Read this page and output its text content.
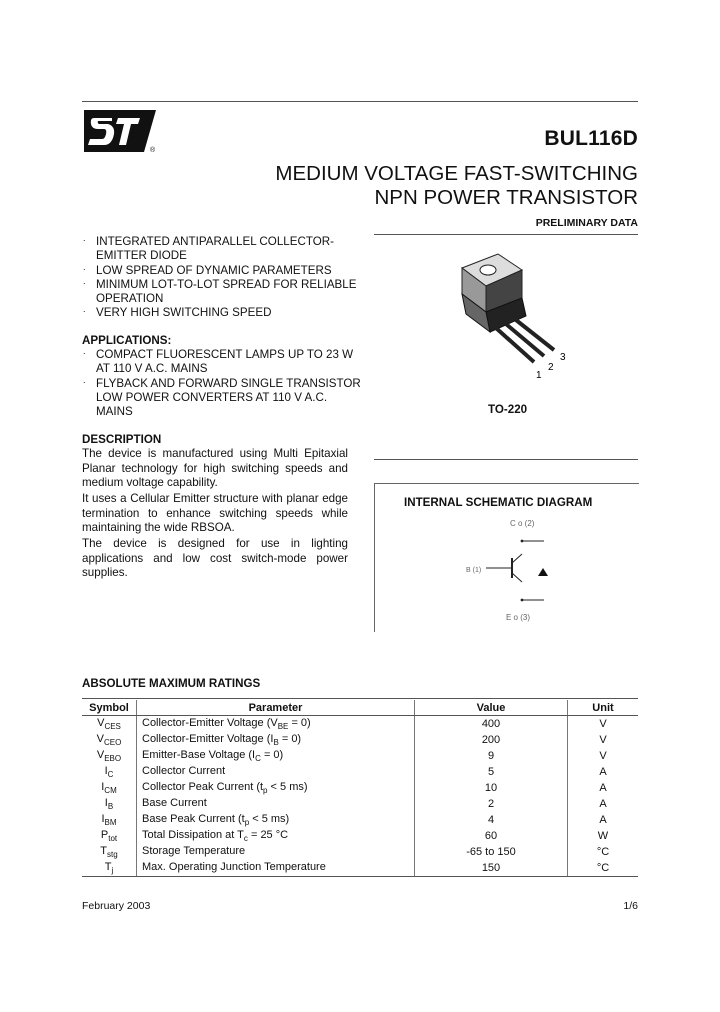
®
BUL116D
MEDIUM VOLTAGE FAST-SWITCHING
NPN POWER TRANSISTOR
PRELIMINARY DATA
. INTEGRATED ANTIPARALLEL COLLECTOR- EMITTER DIODE
. LOW SPREAD OF DYNAMIC PARAMETERS
. MINIMUM LOT-TO-LOT SPREAD FOR RELIABLE OPERATION
. VERY HIGH SWITCHING SPEED
APPLICATIONS:
. COMPACT FLUORESCENT LAMPS UP TO 23 W AT 110 V A.C. MAINS
. FLYBACK AND FORWARD SINGLE TRANSISTOR LOW POWER CONVERTERS AT 110 V A.C. MAINS
DESCRIPTION
The device is manufactured using Multi Epitaxial Planar technology for high switching speeds and medium voltage capability.
It uses a Cellular Emitter structure with planar edge termination to enhance switching speeds while maintaining the wide RBSOA.
The device is designed for use in lighting applications and low cost switch-mode power supplies.
1
2
3
TO-220
INTERNAL SCHEMATIC DIAGRAM
C o (2)
B (1)
E o (3)
ABSOLUTE MAXIMUM RATINGS
Symbol	Parameter	Value	Unit
$V_{CES}$	Collector-Emitter Voltage $(V_{BE} = 0)$	400	V
$V_{CEO}$	Collector-Emitter Voltage $(I_B = 0)$	200	V
$V_{EBO}$	Emitter-Base Voltage $(I_C = 0)$	9	V
$I_C$	Collector Current	5	A
$I_{CM}$	Collector Peak Current ($t_p < 5$ ms)	10	A
$I_B$	Base Current	2	A
$I_{BM}$	Base Peak Current ($t_p < 5$ ms)	4	A
$P_{tot}$	Total Dissipation at $T_c = 25$ °C	60	W
$T_{stg}$	Storage Temperature	-65 to 150	°C
$T_j$	Max. Operating Junction Temperature	150	°C
February 2003	1/6
